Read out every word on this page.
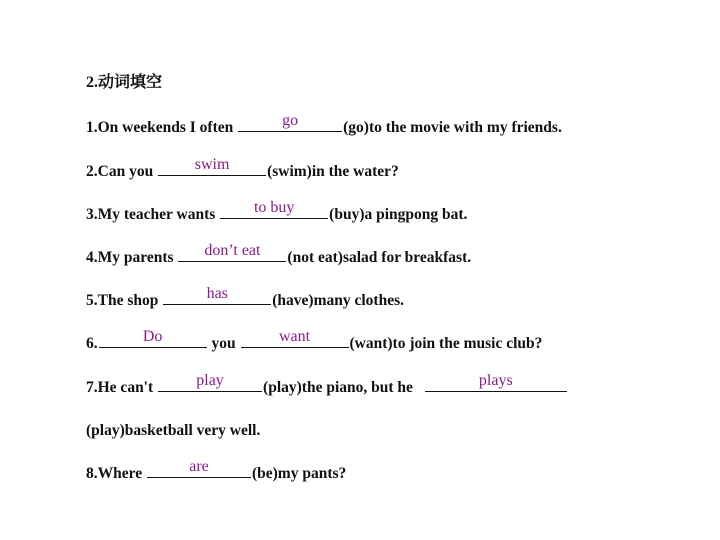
2.动词填空
1.On weekends I often	go	(go)to the movie with my friends.
2.Can you	swim	(swim)in the water?
3.My teacher wants	to buy	(buy)a pingpong bat.
4.My parents	don’t eat	(not eat)salad for breakfast.
5.The shop	has	(have)many clothes.
6.	Do	you	want	(want)to join the music club?
7.He can't	play	(play)the piano, but he	plays
(play)basketball very well.
8.Where	are	(be)my pants?
